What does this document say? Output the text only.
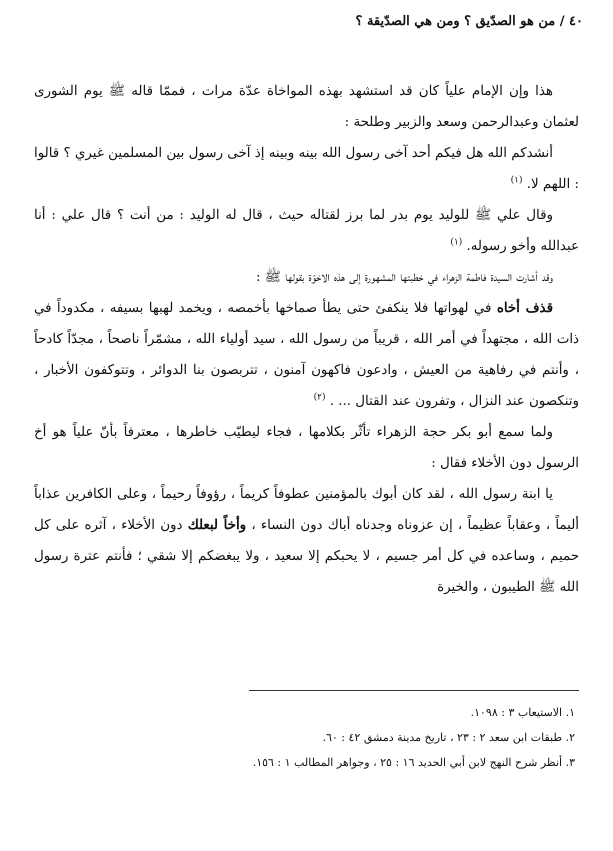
٤٠ / من هو الصدّيق ؟ ومن هي الصدّيقة ؟

هذا وإن الإمام علياً كان قد استشهد بهذه المواخاة عدّة مرات ، فممّا قاله ﷺ يوم الشورى لعثمان وعبدالرحمن وسعد والزبير وطلحة :

أنشدكم الله هل فيكم أحد آخى رسول الله بينه وبينه إذ آخى رسول بين المسلمين غيري ؟ قالوا : اللهم لا. $^{(١)}$

وقال علي ﷺ للوليد يوم بدر لما برز لقتاله حيث ، قال له الوليد : من أنت ؟ قال علي : أنا عبدالله وأخو رسوله. $^{(١)}$

وقد أشارت السيدة فاطمة الزهراء في خطبتها المشهورة إلى هذه الاخوّة بقولها ﷺ :

قذف أخاه في لهواتها فلا ينكفئ حتى يطأ صماخها بأخمصه ، ويخمد لهبها بسيفه ، مكدوداً في ذات الله ، مجتهداً في أمر الله ، قريباً من رسول الله ، سيد أولياء الله ، مشمّراً ناصحاً ، مجدّاً كادحاً ، وأنتم في رفاهية من العيش ، وادعون فاكهون آمنون ، تتربصون بنا الدوائر ، وتتوكفون الأخبار ، وتنكصون عند النزال ، وتفرون عند القتال ... . $^{(٢)}$

ولما سمع أبو بكر حجة الزهراء تأثّر بكلامها ، فجاء ليطيّب خاطرها ، معترفاً بأنّ علياً هو أخ الرسول دون الأخلاء فقال :

يا ابنة رسول الله ، لقد كان أبوك بالمؤمنين عطوفاً كريماً ، رؤوفاً رحيماً ، وعلى الكافرين عذاباً أليماً ، وعقاباً عظيماً ، إن عزوناه وجدناه أباك دون النساء ، وأخاً لبعلك دون الأخلاء ، آثره على كل حميم ، وساعده في كل أمر جسيم ، لا يحبكم إلا سعيد ، ولا يبغضكم إلا شقي ؛ فأنتم عترة رسول الله ﷺ الطيبون ، والخيرة

١. الاستيعاب ٣ : ١٠٩٨.
٢. طبقات ابن سعد ٢ : ٢٣ ، تاريخ مدينة دمشق ٤٢ : ٦٠.
٣. أنظر شرح النهج لابن أبي الحديد ١٦ : ٢٥ ، وجواهر المطالب ١ : ١٥٦.
